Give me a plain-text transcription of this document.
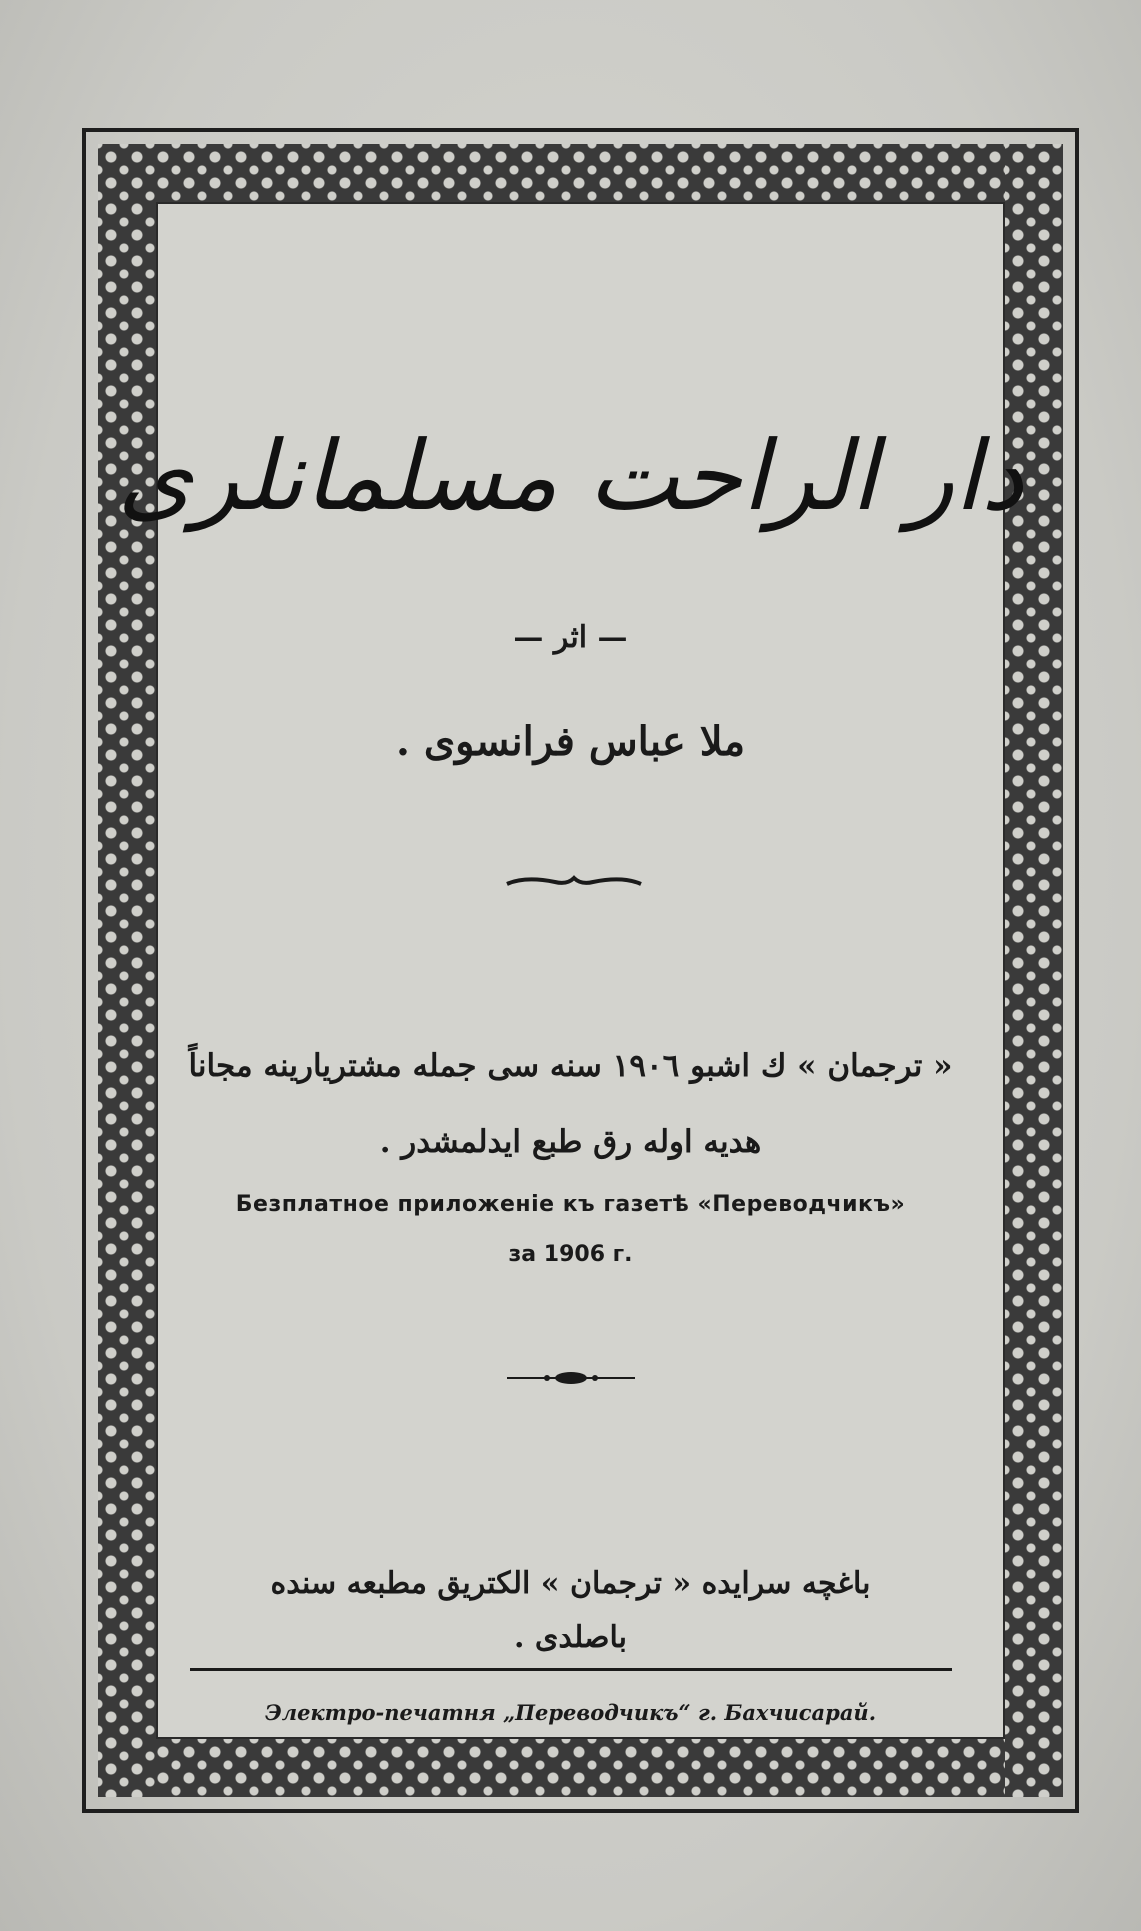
دار الراحت مسلمانلری
— اثر —
ملا عباس فرانسوی .
« ترجمان » ك اشبو ١٩٠٦ سنه سی جمله مشتریارینه مجاناً
هدیه اوله رق طبع ایدلمشدر .
Безплатное приложеніе къ газетѣ «Переводчикъ»
за 1906 г.
باغچه سرایده « ترجمان » الکتریق مطبعه سنده
باصلدی .
Электро-печатня „Переводчикъ“ г. Бахчисарай.
